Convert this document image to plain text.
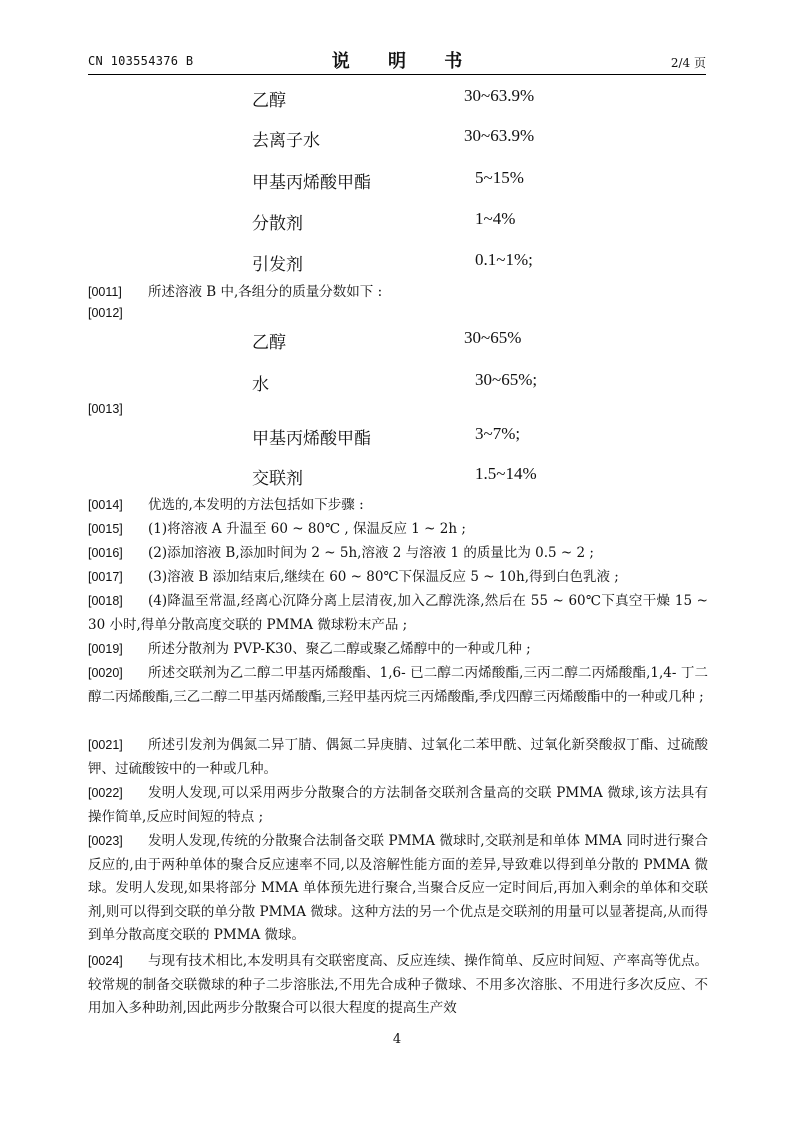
CN 103554376 B	说 明 书	2/4 页
乙醇	30~63.9%
去离子水	30~63.9%
甲基丙烯酸甲酯	5~15%
分散剂	1~4%
引发剂	0.1~1%;
[0011]	所述溶液 B 中,各组分的质量分数如下 :
[0012]
乙醇	30~65%
水	30~65%;
[0013]
甲基丙烯酸甲酯	3~7%;
交联剂	1.5~14%
[0014]	优选的,本发明的方法包括如下步骤 :
[0015]	(1)将溶液 A 升温至 60 ~ 80℃ , 保温反应 1 ~ 2h ;
[0016]	(2)添加溶液 B,添加时间为 2 ~ 5h,溶液 2 与溶液 1 的质量比为 0.5 ~ 2 ;
[0017]	(3)溶液 B 添加结束后,继续在 60 ~ 80℃下保温反应 5 ~ 10h,得到白色乳液 ;
[0018]	(4)降温至常温,经离心沉降分离上层清夜,加入乙醇洗涤,然后在 55 ~ 60℃下真空干燥 15 ~ 30 小时,得单分散高度交联的 PMMA 微球粉末产品 ;
[0019]	所述分散剂为 PVP-K30、聚乙二醇或聚乙烯醇中的一种或几种 ;
[0020]	所述交联剂为乙二醇二甲基丙烯酸酯、1,6- 已二醇二丙烯酸酯,三丙二醇二丙烯酸酯,1,4- 丁二醇二丙烯酸酯,三乙二醇二甲基丙烯酸酯,三羟甲基丙烷三丙烯酸酯,季戊四醇三丙烯酸酯中的一种或几种 ;
[0021]	所述引发剂为偶氮二异丁腈、偶氮二异庚腈、过氧化二苯甲酰、过氧化新癸酸叔丁酯、过硫酸钾、过硫酸铵中的一种或几种。
[0022]	发明人发现,可以采用两步分散聚合的方法制备交联剂含量高的交联 PMMA 微球,该方法具有操作简单,反应时间短的特点 ;
[0023]	发明人发现,传统的分散聚合法制备交联 PMMA 微球时,交联剂是和单体 MMA 同时进行聚合反应的,由于两种单体的聚合反应速率不同,以及溶解性能方面的差异,导致难以得到单分散的 PMMA 微球。发明人发现,如果将部分 MMA 单体预先进行聚合,当聚合反应一定时间后,再加入剩余的单体和交联剂,则可以得到交联的单分散 PMMA 微球。这种方法的另一个优点是交联剂的用量可以显著提高,从而得到单分散高度交联的 PMMA 微球。
[0024]	与现有技术相比,本发明具有交联密度高、反应连续、操作简单、反应时间短、产率高等优点。较常规的制备交联微球的种子二步溶胀法,不用先合成种子微球、不用多次溶胀、不用进行多次反应、不用加入多种助剂,因此两步分散聚合可以很大程度的提高生产效
4
